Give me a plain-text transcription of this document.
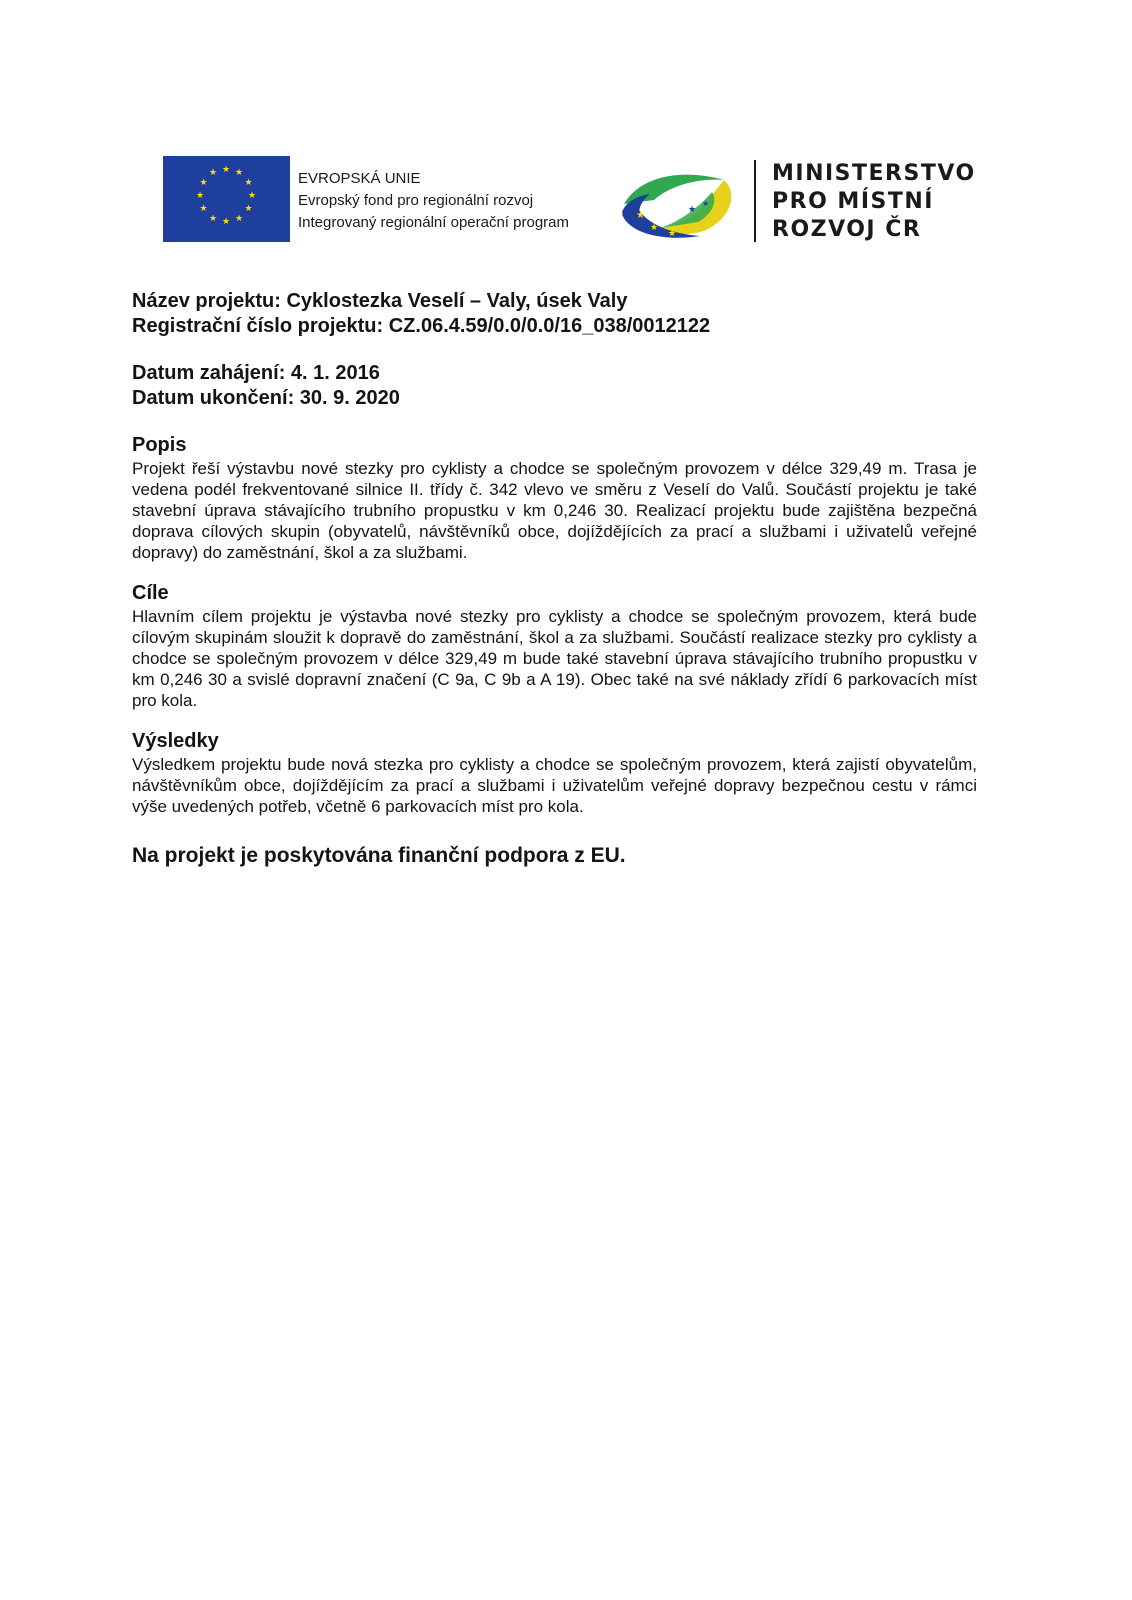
★ ★
★
★
★
★
★
★
★
★
★
★	EVROPSKÁ UNIE
Evropský fond pro regionální rozvoj
Integrovaný regionální operační program	★
★
★
★
★
MINISTERSTVO
PRO MÍSTNÍ
ROZVOJ ČR
Název projektu: Cyklostezka Veselí – Valy, úsek Valy
Registrační číslo projektu: CZ.06.4.59/0.0/0.0/16_038/0012122
Datum zahájení: 4. 1. 2016
Datum ukončení: 30. 9. 2020
Popis

Projekt řeší výstavbu nové stezky pro cyklisty a chodce se společným provozem v délce 329,49 m. Trasa je vedena podél frekventované silnice II. třídy č. 342 vlevo ve směru z Veselí do Valů. Součástí projektu je také stavební úprava stávajícího trubního propustku v km 0,246 30. Realizací projektu bude zajištěna bezpečná doprava cílových skupin (obyvatelů, návštěvníků obce, dojíždějících za prací a službami i uživatelů veřejné dopravy) do zaměstnání, škol a za službami.

Cíle

Hlavním cílem projektu je výstavba nové stezky pro cyklisty a chodce se společným provozem, která bude cílovým skupinám sloužit k dopravě do zaměstnání, škol a za službami. Součástí realizace stezky pro cyklisty a chodce se společným provozem v délce 329,49 m bude také stavební úprava stávajícího trubního propustku v km 0,246 30 a svislé dopravní značení (C 9a, C 9b a A 19). Obec také na své náklady zřídí 6 parkovacích míst pro kola.

Výsledky

Výsledkem projektu bude nová stezka pro cyklisty a chodce se společným provozem, která zajistí obyvatelům, návštěvníkům obce, dojíždějícím za prací a službami i uživatelům veřejné dopravy bezpečnou cestu v rámci výše uvedených potřeb, včetně 6 parkovacích míst pro kola.

Na projekt je poskytována finanční podpora z EU.
